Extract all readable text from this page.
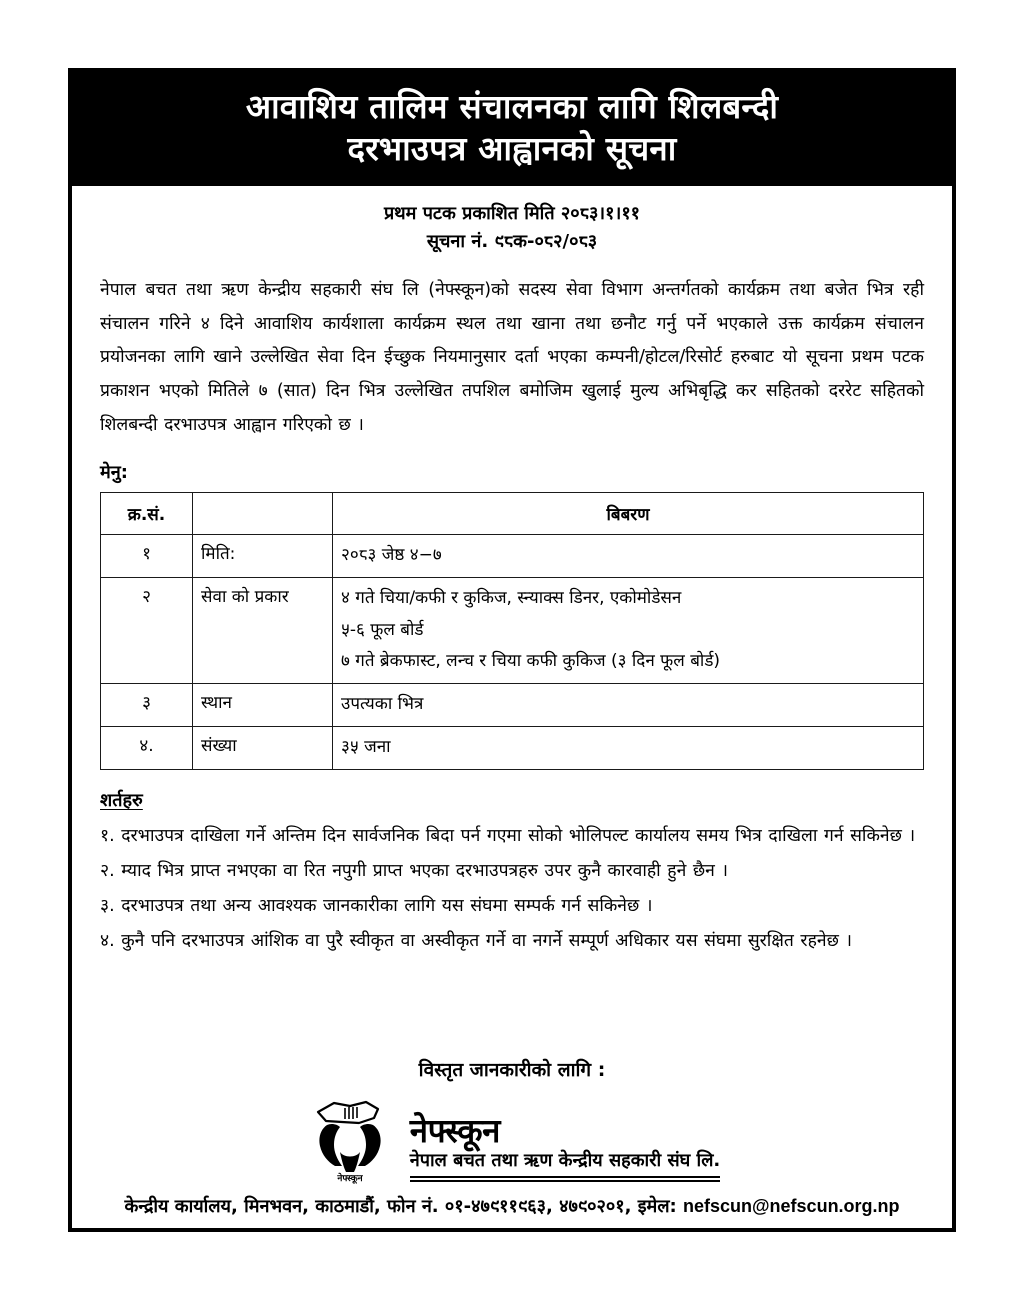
आवाशिय तालिम संचालनका लागि शिलबन्दी
दरभाउपत्र आह्वानको सूचना
प्रथम पटक प्रकाशित मिति २०८३।१।११
सूचना नं. ९८क-०८२/०८३

नेपाल बचत तथा ऋण केन्द्रीय सहकारी संघ लि (नेफ्स्कून)को सदस्य सेवा विभाग अन्तर्गतको कार्यक्रम तथा बजेत भित्र रही संचालन गरिने ४ दिने आवाशिय कार्यशाला कार्यक्रम स्थल तथा खाना तथा छनौट गर्नु पर्ने भएकाले उक्त कार्यक्रम संचालन प्रयोजनका लागि खाने उल्लेखित सेवा दिन ईच्छुक नियमानुसार दर्ता भएका कम्पनी/होटल/रिसोर्ट हरुबाट यो सूचना प्रथम पटक प्रकाशन भएको मितिले ७ (सात) दिन भित्र उल्लेखित तपशिल बमोजिम खुलाई मुल्य अभिबृद्धि कर सहितको दररेट सहितको शिलबन्दी दरभाउपत्र आह्वान गरिएको छ ।

मेनु:
क्र.सं.		बिबरण
१	मिति:	२०८३ जेष्ठ ४−७

२	सेवा को प्रकार	४ गते चिया/कफी र कुकिज, स्न्याक्स डिनर, एकोमोडेसन
५-६ फूल बोर्ड
७ गते ब्रेकफास्ट, लन्च र चिया कफी कुकिज (३ दिन फूल बोर्ड)

३	स्थान	उपत्यका भित्र

४.	संख्या	३५ जना
शर्तहरु

१. दरभाउपत्र दाखिला गर्ने अन्तिम दिन सार्वजनिक बिदा पर्न गएमा सोको भोलिपल्ट कार्यालय समय भित्र दाखिला गर्न सकिनेछ ।

२. म्याद भित्र प्राप्त नभएका वा रित नपुगी प्राप्त भएका दरभाउपत्रहरु उपर कुनै कारवाही हुने छैन ।

३. दरभाउपत्र तथा अन्य आवश्यक जानकारीका लागि यस संघमा सम्पर्क गर्न सकिनेछ ।

४. कुनै पनि दरभाउपत्र आंशिक वा पुरै स्वीकृत वा अस्वीकृत गर्ने वा नगर्ने सम्पूर्ण अधिकार यस संघमा सुरक्षित रहनेछ ।

विस्तृत जानकारीको लागि :
नेफ्स्कून
नेफ्स्कून
नेपाल बचत तथा ऋण केन्द्रीय सहकारी संघ लि.
केन्द्रीय कार्यालय, मिनभवन, काठमाडौं, फोन नं. ०१-४७९११९६३, ४७९०२०१, इमेल: nefscun@nefscun.org.np
